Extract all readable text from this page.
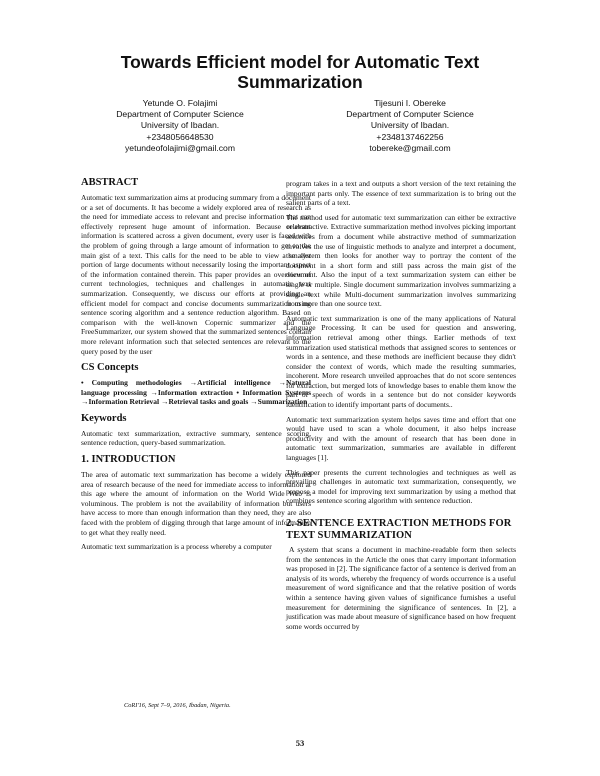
Towards Efficient model for Automatic Text Summarization
Yetunde O. Folajimi
Department of Computer Science
University of Ibadan.
+2348056648530
yetundeofolajimi@gmail.com
Tijesuni I. Obereke
Department of Computer Science
University of Ibadan.
+2348137462256
tobereke@gmail.com
ABSTRACT

Automatic text summarization aims at producing summary from a document or a set of documents. It has become a widely explored area of research as the need for immediate access to relevant and precise information that can effectively represent huge amount of information. Because relevant information is scattered across a given document, every user is faced with the problem of going through a large amount of information to get to the main gist of a text. This calls for the need to be able to view a smaller portion of large documents without necessarily losing the important aspect of the information contained therein. This paper provides an overview of current technologies, techniques and challenges in automatic text summarization. Consequently, we discuss our efforts at providing an efficient model for compact and concise documents summarization using sentence scoring algorithm and a sentence reduction algorithm. Based on comparison with the well-known Copernic summarizer and the FreeSummarizer, our system showed that the summarized sentences contain more relevant information such that selected sentences are relevant to the query posed by the user

CS Concepts
• Computing methodologies →Artificial intelligence →Natural language processing →Information extraction • Information Systems →Information Retrieval →Retrieval tasks and goals →Summarization
Keywords

Automatic text summarization, extractive summary, sentence scoring, sentence reduction, query-based summarization.

1. INTRODUCTION

The area of automatic text summarization has become a widely explored area of research because of the need for immediate access to information at this age where the amount of information on the World Wide Web is voluminous. The problem is not the availability of information but users have access to more than enough information than they need, they are also faced with the problem of digging through that large amount of information to get what they really need.

Automatic text summarization is a process whereby a computer

CoRI'16, Sept 7–9, 2016, Ibadan, Nigeria.

program takes in a text and outputs a short version of the text retaining the important parts only. The essence of text summarization is to bring out the salient parts of a text.

The method used for automatic text summarization can either be extractive or abstractive. Extractive summarization method involves picking important sentences from a document while abstractive method of summarization involves the use of linguistic methods to analyze and interpret a document, the system then looks for another way to portray the content of the document in a short form and still pass across the main gist of the document. Also the input of a text summarization system can either be single or multiple. Single document summarization involves summarizing a single text while Multi-document summarization involves summarizing from more than one source text.

Automatic text summarization is one of the many applications of Natural Language Processing. It can be used for question and answering, information retrieval among other things. Earlier methods of text summarization used statistical methods that assigned scores to sentences or words in a sentence, and these methods are inefficient because they didn't consider the context of words, which made the resulting summaries, incoherent. More research unveiled approaches that do not score sentences for extraction, but merged lots of knowledge bases to enable them know the part of speech of words in a sentence but do not consider keywords identification to identify important parts of documents..

Automatic text summarization system helps saves time and effort that one would have used to scan a whole document, it also helps increase productivity and with the amount of research that has been done in automatic text summarization, summaries are available in different languages [1].

This paper presents the current technologies and techniques as well as prevailing challenges in automatic text summarization, consequently, we propose a model for improving text summarization by using a method that combines sentence scoring algorithm with sentence reduction.

2. SENTENCE EXTRACTION METHODS FOR TEXT SUMMARIZATION

A system that scans a document in machine-readable form then selects from the sentences in the Article the ones that carry important information was proposed in [2]. The significance factor of a sentence is derived from an analysis of its words, whereby the frequency of words occurrence is a useful measurement of word significance and that the relative position of words within a sentence having given values of significance furnishes a useful measurement for determining the significance of sentences. In [2], a justification was made about measure of significance based on how frequent some words occurred by

53
